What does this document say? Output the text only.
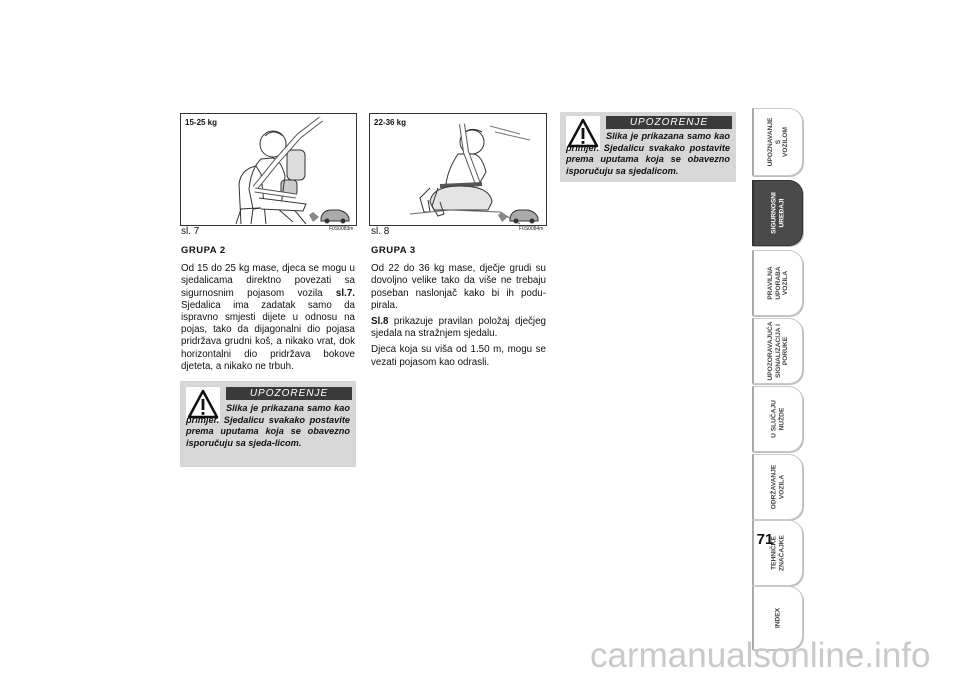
15-25 kg
F0S0083m
sl. 7
22-36 kg
F0S0084m
sl. 8

GRUPA 2

Od 15 do 25 kg mase, djeca se mogu u sjedalicama direktno povezati sa sigurnosnim pojasom vozila sl.7. Sjedalica ima zadatak samo da ispravno smjesti dijete u odnosu na pojas, tako da dijagonalni dio pojasa pridržava grudni koš, a nikako vrat, dok horizontalni dio pridržava bokove djeteta, a nikako ne trbuh.

GRUPA 3

Od 22 do 36 kg mase, dječje grudi su dovoljno velike tako da više ne trebaju poseban naslonjač kako bi ih podu-pirala.

Sl.8 prikazuje pravilan položaj dječjeg sjedala na stražnjem sjedalu.

Djeca koja su viša od 1.50 m, mogu se vezati pojasom kao odrasli.

UPOZORENJE
Slika je prikazana samo kao primjer. Sjedalicu svakako postavite prema uputama koja se obavezno isporučuju sa sjeda-licom.
UPOZORENJE
Slika je prikazana samo kao primjer. Sjedalicu svakako postavite prema uputama koja se obavezno isporučuju sa sjedalicom.
UPOZNAVANJE
S
VOZILOM
SIGURNOSNI
UREĐAJI
PRAVILNA
UPORABA
VOZILA
UPOZORAVAJUĆA
SIGNALIZACIJA I
PORUKE
U SLUČAJU
NUŽDE
ODRŽAVANJE
VOZILA
TEHNIČKE
ZNAČAJKE
INDEX
71
carmanualsonline.info
